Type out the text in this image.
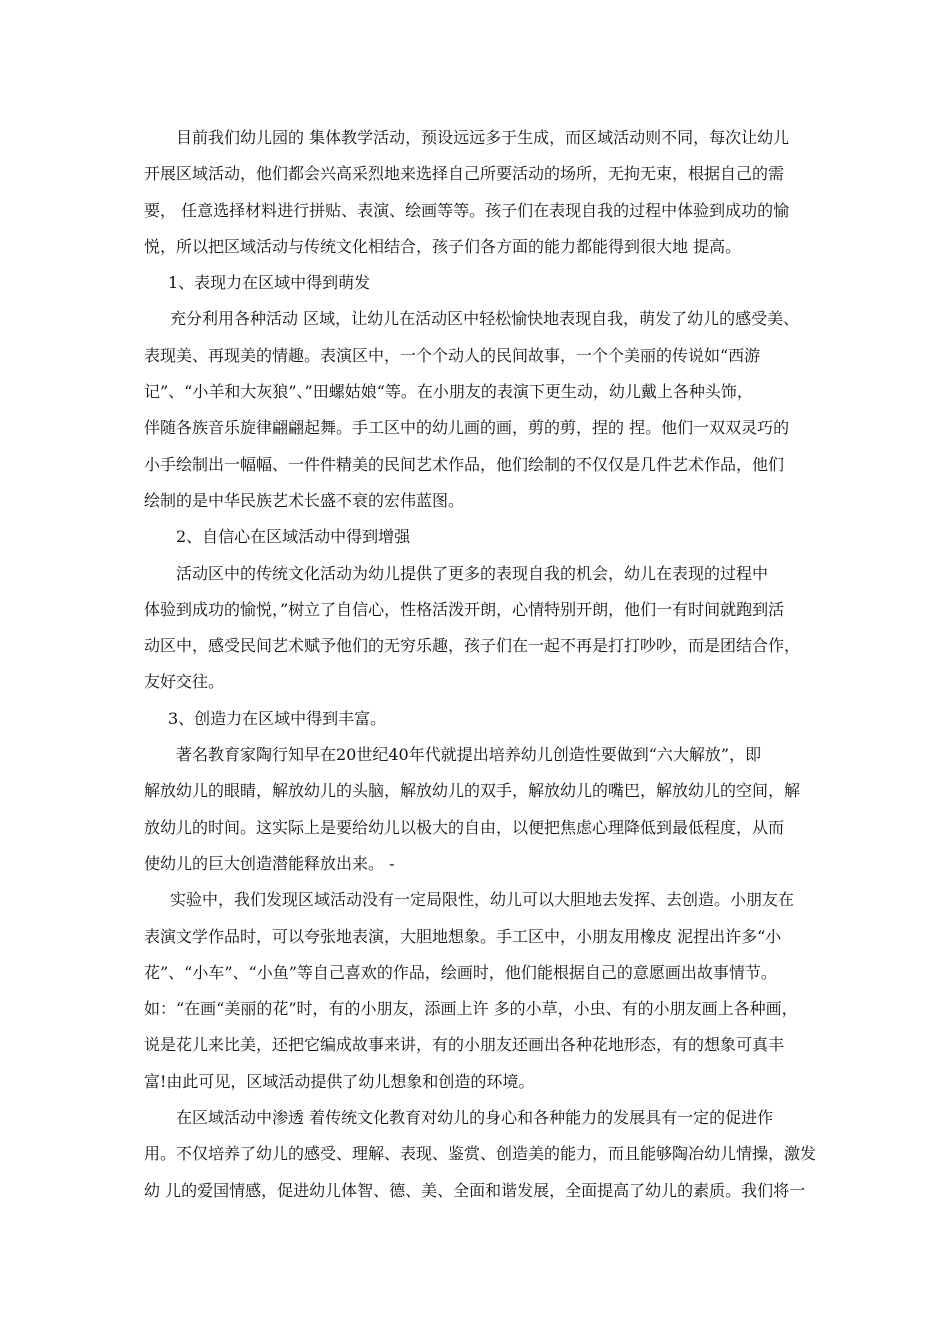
目前我们幼儿园的 集体教学活动，预设远远多于生成，而区域活动则不同，每次让幼儿
开展区域活动，他们都会兴高采烈地来选择自己所要活动的场所，无拘无束，根据自己的需
要， 任意选择材料进行拼贴、表演、绘画等等。孩子们在表现自我的过程中体验到成功的愉
悦，所以把区域活动与传统文化相结合，孩子们各方面的能力都能得到很大地 提高。
1、表现力在区域中得到萌发
充分利用各种活动 区域，让幼儿在活动区中轻松愉快地表现自我，萌发了幼儿的感受美、
表现美、再现美的情趣。表演区中，一个个动人的民间故事，一个个美丽的传说如“西游
记”、“小羊和大灰狼”、”田螺姑娘“等。在小朋友的表演下更生动，幼儿戴上各种头饰，
伴随各族音乐旋律翩翩起舞。手工区中的幼儿画的画，剪的剪，捏的 捏。他们一双双灵巧的
小手绘制出一幅幅、一件件精美的民间艺术作品，他们绘制的不仅仅是几件艺术作品，他们
绘制的是中华民族艺术长盛不衰的宏伟蓝图。
2、自信心在区域活动中得到增强
活动区中的传统文化活动为幼儿提供了更多的表现自我的机会，幼儿在表现的过程中
体验到成功的愉悦，”树立了自信心，性格活泼开朗，心情特别开朗，他们一有时间就跑到活
动区中，感受民间艺术赋予他们的无穷乐趣，孩子们在一起不再是打打吵吵，而是团结合作，
友好交往。
3、创造力在区域中得到丰富。
著名教育家陶行知早在20世纪40年代就提出培养幼儿创造性要做到“六大解放”，即
解放幼儿的眼睛，解放幼儿的头脑，解放幼儿的双手，解放幼儿的嘴巴，解放幼儿的空间，解
放幼儿的时间。这实际上是要给幼儿以极大的自由，以便把焦虑心理降低到最低程度，从而
使幼儿的巨大创造潜能释放出来。 -
实验中，我们发现区域活动没有一定局限性，幼儿可以大胆地去发挥、去创造。小朋友在
表演文学作品时，可以夸张地表演，大胆地想象。手工区中，小朋友用橡皮 泥捏出许多“小
花”、“小车”、“小鱼”等自己喜欢的作品，绘画时，他们能根据自己的意愿画出故事情节。
如：“在画“美丽的花”时，有的小朋友，添画上许 多的小草，小虫、有的小朋友画上各种画，
说是花儿来比美，还把它编成故事来讲，有的小朋友还画出各种花地形态，有的想象可真丰
富!由此可见，区域活动提供了幼儿想象和创造的环境。
在区域活动中渗透 着传统文化教育对幼儿的身心和各种能力的发展具有一定的促进作
用。不仅培养了幼儿的感受、理解、表现、鉴赏、创造美的能力，而且能够陶冶幼儿情操，激发
幼 儿的爱国情感，促进幼儿体智、德、美、全面和谐发展，全面提高了幼儿的素质。我们将一
